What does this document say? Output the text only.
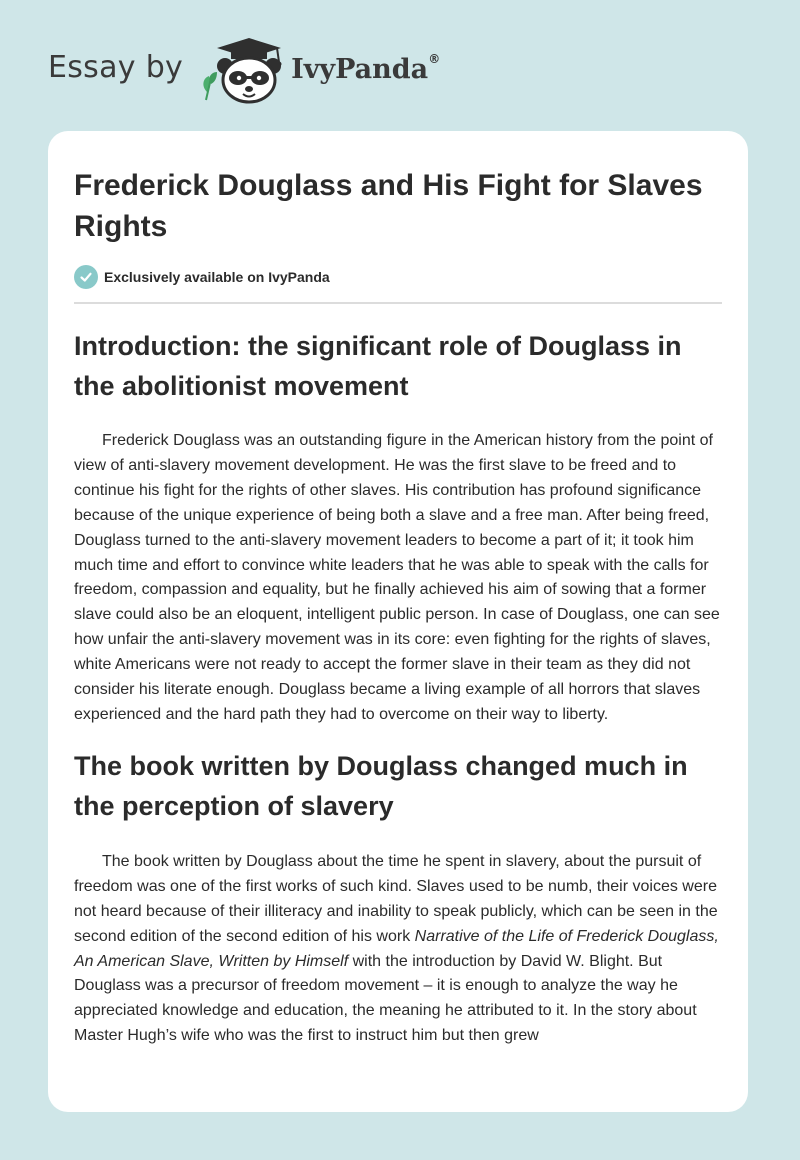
Essay by	IvyPanda®
Frederick Douglass and His Fight for Slaves Rights
Exclusively available on IvyPanda
Introduction: the significant role of Douglass in the abolitionist movement

Frederick Douglass was an outstanding figure in the American history from the point of view of anti-slavery movement development. He was the first slave to be freed and to continue his fight for the rights of other slaves. His contribution has profound significance because of the unique experience of being both a slave and a free man. After being freed, Douglass turned to the anti-slavery movement leaders to become a part of it; it took him much time and effort to convince white leaders that he was able to speak with the calls for freedom, compassion and equality, but he finally achieved his aim of sowing that a former slave could also be an eloquent, intelligent public person. In case of Douglass, one can see how unfair the anti-slavery movement was in its core: even fighting for the rights of slaves, white Americans were not ready to accept the former slave in their team as they did not consider his literate enough. Douglass became a living example of all horrors that slaves experienced and the hard path they had to overcome on their way to liberty.

The book written by Douglass changed much in the perception of slavery

The book written by Douglass about the time he spent in slavery, about the pursuit of freedom was one of the first works of such kind. Slaves used to be numb, their voices were not heard because of their illiteracy and inability to speak publicly, which can be seen in the second edition of the second edition of his work Narrative of the Life of Frederick Douglass, An American Slave, Written by Himself with the introduction by David W. Blight. But Douglass was a precursor of freedom movement – it is enough to analyze the way he appreciated knowledge and education, the meaning he attributed to it. In the story about Master Hugh’s wife who was the first to instruct him but then grew
